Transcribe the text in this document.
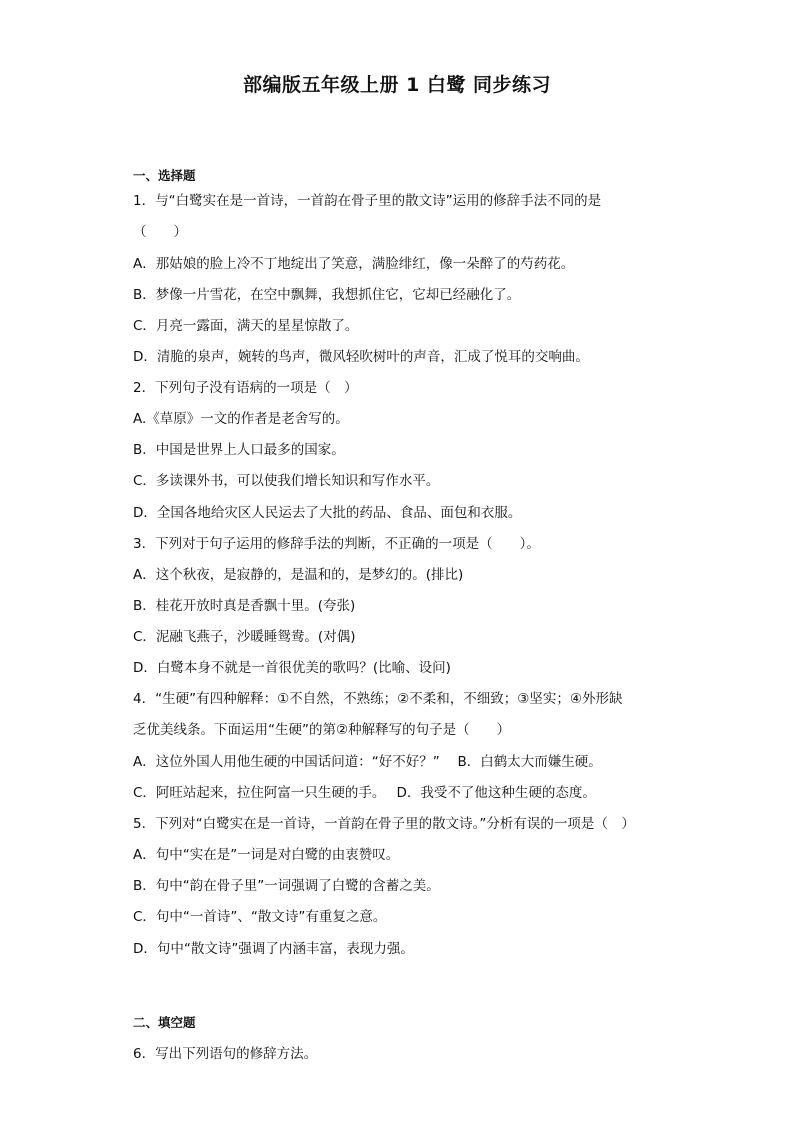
部编版五年级上册 1 白鹭 同步练习
一、选择题
1．与“白鹭实在是一首诗，一首韵在骨子里的散文诗”运用的修辞手法不同的是
（　　）
A．那姑娘的脸上冷不丁地绽出了笑意，满脸绯红，像一朵醉了的芍药花。
B．梦像一片雪花，在空中飘舞，我想抓住它，它却已经融化了。
C．月亮一露面，满天的星星惊散了。
D．清脆的泉声，婉转的鸟声，微风轻吹树叶的声音，汇成了悦耳的交响曲。
2．下列句子没有语病的一项是（　）
A.《草原》一文的作者是老舍写的。
B．中国是世界上人口最多的国家。
C．多读课外书，可以使我们增长知识和写作水平。
D．全国各地给灾区人民运去了大批的药品、食品、面包和衣服。
3．下列对于句子运用的修辞手法的判断，不正确的一项是（　　）。
A．这个秋夜，是寂静的，是温和的，是梦幻的。(排比)
B．桂花开放时真是香飘十里。(夸张)
C．泥融飞燕子，沙暖睡鸳鸯。(对偶)
D．白鹭本身不就是一首很优美的歌吗？(比喻、设问)
4．“生硬”有四种解释：①不自然，不熟练；②不柔和，不细致；③坚实；④外形缺
乏优美线条。下面运用“生硬”的第②种解释写的句子是（　　）
A．这位外国人用他生硬的中国话问道：“好不好？”　 B．白鹤太大而嫌生硬。
C．阿旺站起来，拉住阿富一只生硬的手。　 D．我受不了他这种生硬的态度。
5．下列对“白鹭实在是一首诗，一首韵在骨子里的散文诗。”分析有误的一项是（　）
A．句中“实在是”一词是对白鹭的由衷赞叹。
B．句中“韵在骨子里”一词强调了白鹭的含蓄之美。
C．句中“一首诗”、“散文诗”有重复之意。
D．句中“散文诗”强调了内涵丰富，表现力强。
二、填空题
6．写出下列语句的修辞方法。
